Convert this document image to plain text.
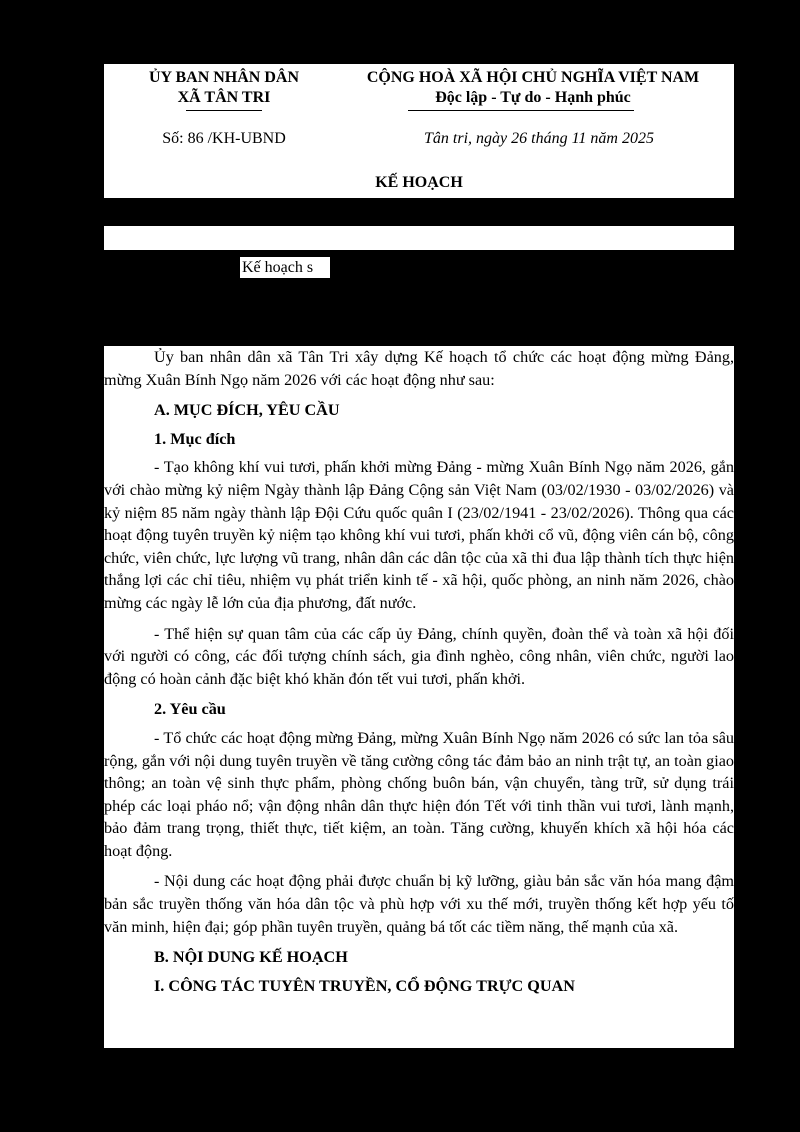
ỦY BAN NHÂN DÂN
XÃ TÂN TRI
CỘNG HOÀ XÃ HỘI CHỦ NGHĨA VIỆT NAM
Độc lập - Tự do - Hạnh phúc
Số: 86 /KH-UBND	Tân tri, ngày 26 tháng 11 năm 2025
KẾ HOẠCH
Kế hoạch s

Ủy ban nhân dân xã Tân Tri xây dựng Kế hoạch tổ chức các hoạt động mừng Đảng, mừng Xuân Bính Ngọ năm 2026 với các hoạt động như sau:

A. MỤC ĐÍCH, YÊU CẦU
1. Mục đích

- Tạo không khí vui tươi, phấn khởi mừng Đảng - mừng Xuân Bính Ngọ năm 2026, gắn với chào mừng kỷ niệm Ngày thành lập Đảng Cộng sản Việt Nam (03/02/1930 - 03/02/2026) và kỷ niệm 85 năm ngày thành lập Đội Cứu quốc quân I (23/02/1941 - 23/02/2026). Thông qua các hoạt động tuyên truyền kỷ niệm tạo không khí vui tươi, phấn khởi cổ vũ, động viên cán bộ, công chức, viên chức, lực lượng vũ trang, nhân dân các dân tộc của xã thi đua lập thành tích thực hiện thắng lợi các chỉ tiêu, nhiệm vụ phát triển kinh tế - xã hội, quốc phòng, an ninh năm 2026, chào mừng các ngày lễ lớn của địa phương, đất nước.

- Thể hiện sự quan tâm của các cấp ủy Đảng, chính quyền, đoàn thể và toàn xã hội đối với người có công, các đối tượng chính sách, gia đình nghèo, công nhân, viên chức, người lao động có hoàn cảnh đặc biệt khó khăn đón tết vui tươi, phấn khởi.

2. Yêu cầu

- Tổ chức các hoạt động mừng Đảng, mừng Xuân Bính Ngọ năm 2026 có sức lan tỏa sâu rộng, gắn với nội dung tuyên truyền về tăng cường công tác đảm bảo an ninh trật tự, an toàn giao thông; an toàn vệ sinh thực phẩm, phòng chống buôn bán, vận chuyển, tàng trữ, sử dụng trái phép các loại pháo nổ; vận động nhân dân thực hiện đón Tết với tinh thần vui tươi, lành mạnh, bảo đảm trang trọng, thiết thực, tiết kiệm, an toàn. Tăng cường, khuyến khích xã hội hóa các hoạt động.

- Nội dung các hoạt động phải được chuẩn bị kỹ lưỡng, giàu bản sắc văn hóa mang đậm bản sắc truyền thống văn hóa dân tộc và phù hợp với xu thế mới, truyền thống kết hợp yếu tố văn minh, hiện đại; góp phần tuyên truyền, quảng bá tốt các tiềm năng, thế mạnh của xã.

B. NỘI DUNG KẾ HOẠCH
I. CÔNG TÁC TUYÊN TRUYỀN, CỔ ĐỘNG TRỰC QUAN
